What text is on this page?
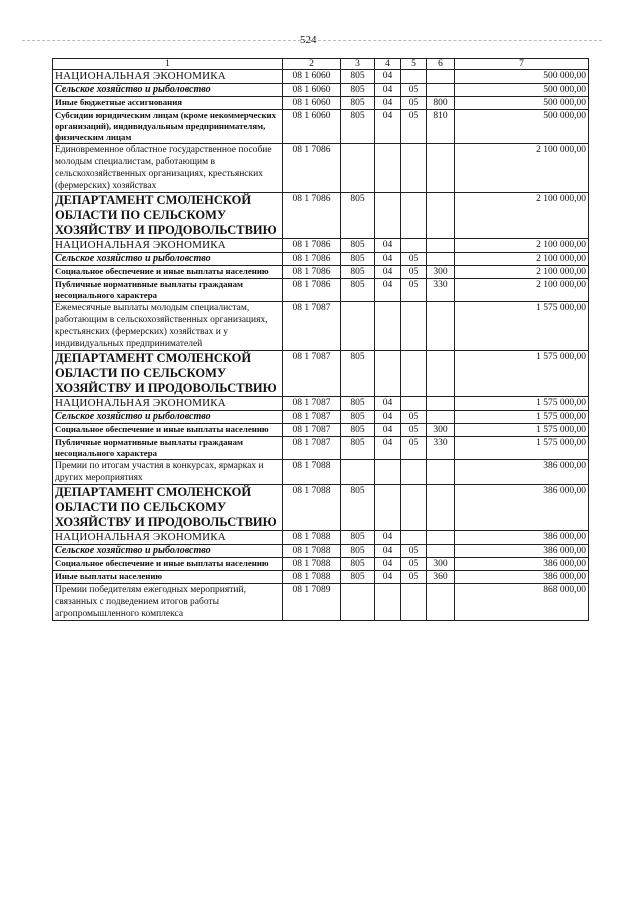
524
1	2	3	4	5	6	7
НАЦИОНАЛЬНАЯ ЭКОНОМИКА	08 1 6060	805	04			500 000,00
Сельское хозяйство и рыболовство	08 1 6060	805	04	05		500 000,00
Иные бюджетные ассигнования	08 1 6060	805	04	05	800	500 000,00
Субсидии юридическим лицам (кроме некоммерческих организаций), индивидуальным предпринимателям, физическим лицам	08 1 6060	805	04	05	810	500 000,00
Единовременное областное государственное пособие молодым специалистам, работающим в сельскохозяйственных организациях, крестьянских (фермерских) хозяйствах	08 1 7086					2 100 000,00
ДЕПАРТАМЕНТ СМОЛЕНСКОЙ ОБЛАСТИ ПО СЕЛЬСКОМУ ХОЗЯЙСТВУ И ПРОДОВОЛЬСТВИЮ	08 1 7086	805				2 100 000,00
НАЦИОНАЛЬНАЯ ЭКОНОМИКА	08 1 7086	805	04			2 100 000,00
Сельское хозяйство и рыболовство	08 1 7086	805	04	05		2 100 000,00
Социальное обеспечение и иные выплаты населению	08 1 7086	805	04	05	300	2 100 000,00
Публичные нормативные выплаты гражданам несоциального характера	08 1 7086	805	04	05	330	2 100 000,00
Ежемесячные выплаты молодым специалистам, работающим в сельскохозяйственных организациях, крестьянских (фермерских) хозяйствах и у индивидуальных предпринимателей	08 1 7087					1 575 000,00
ДЕПАРТАМЕНТ СМОЛЕНСКОЙ ОБЛАСТИ ПО СЕЛЬСКОМУ ХОЗЯЙСТВУ И ПРОДОВОЛЬСТВИЮ	08 1 7087	805				1 575 000,00
НАЦИОНАЛЬНАЯ ЭКОНОМИКА	08 1 7087	805	04			1 575 000,00
Сельское хозяйство и рыболовство	08 1 7087	805	04	05		1 575 000,00
Социальное обеспечение и иные выплаты населению	08 1 7087	805	04	05	300	1 575 000,00
Публичные нормативные выплаты гражданам несоциального характера	08 1 7087	805	04	05	330	1 575 000,00
Премии по итогам участия в конкурсах, ярмарках и других мероприятиях	08 1 7088					386 000,00
ДЕПАРТАМЕНТ СМОЛЕНСКОЙ ОБЛАСТИ ПО СЕЛЬСКОМУ ХОЗЯЙСТВУ И ПРОДОВОЛЬСТВИЮ	08 1 7088	805				386 000,00
НАЦИОНАЛЬНАЯ ЭКОНОМИКА	08 1 7088	805	04			386 000,00
Сельское хозяйство и рыболовство	08 1 7088	805	04	05		386 000,00
Социальное обеспечение и иные выплаты населению	08 1 7088	805	04	05	300	386 000,00
Иные выплаты населению	08 1 7088	805	04	05	360	386 000,00
Премии победителям ежегодных мероприятий, связанных с подведением итогов работы агропромышленного комплекса	08 1 7089					868 000,00
